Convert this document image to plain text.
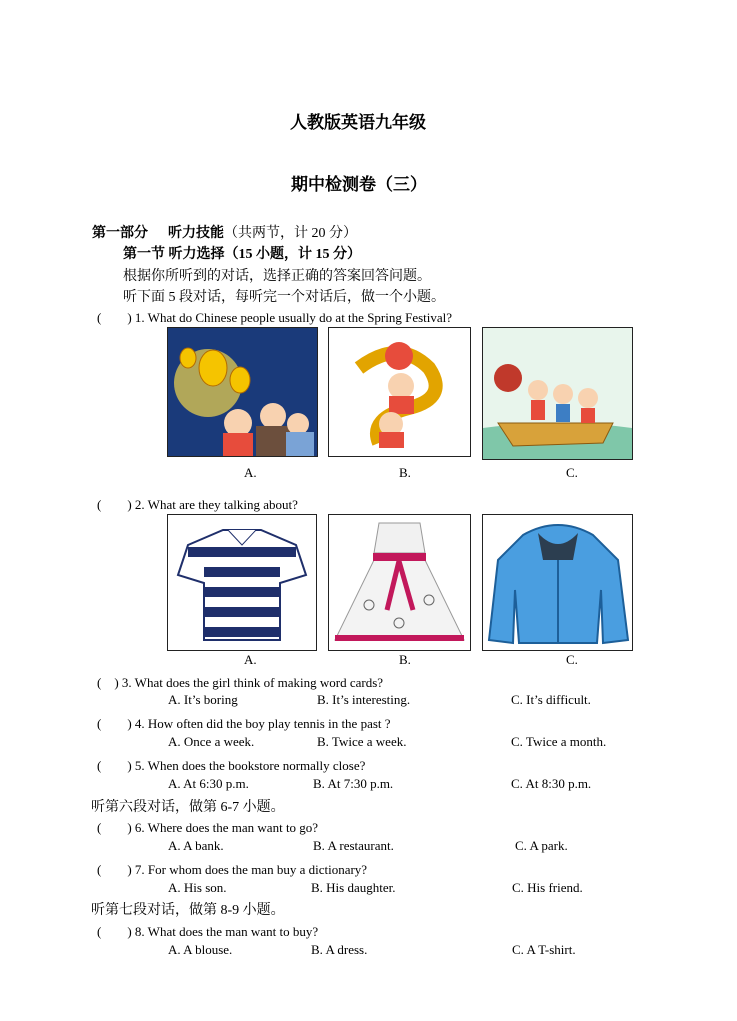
人教版英语九年级
期中检测卷（三）
第一部分 听力技能（共两节，计 20 分）
第一节 听力选择（15 小题，计 15 分）
根据你所听到的对话，选择正确的答案回答问题。
听下面 5 段对话，每听完一个对话后，做一个小题。
(　　) 1. What do Chinese people usually do at the Spring Festival?
A.	B.	C.
(　　) 2. What are they talking about?
A.	B.	C.
(　) 3. What does the girl think of making word cards?
A. It’s boring	B. It’s interesting.	C. It’s difficult.
(　　) 4. How often did the boy play tennis in the past ?
A. Once a week.	B. Twice a week.	C. Twice a month.
(　　) 5. When does the bookstore normally close?
A. At 6:30 p.m.	B. At 7:30 p.m.	C. At 8:30 p.m.
听第六段对话，做第 6-7 小题。
(　　) 6. Where does the man want to go?
A. A bank.	B. A restaurant.	C. A park.
(　　) 7. For whom does the man buy a dictionary?
A. His son.	B. His daughter.	C. His friend.
听第七段对话，做第 8-9 小题。
(　　) 8. What does the man want to buy?
A. A blouse.	B. A dress.	C. A T-shirt.
